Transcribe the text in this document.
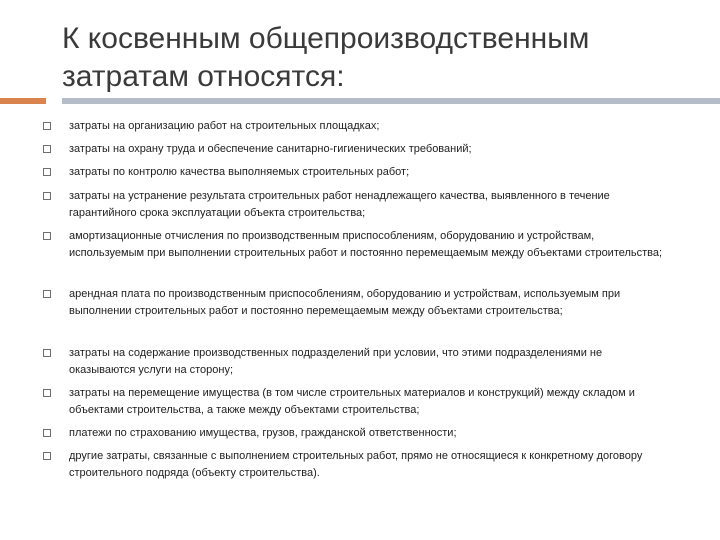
К косвенным общепроизводственным затратам относятся:
затраты на организацию работ на строительных площадках;
затраты на охрану труда и обеспечение санитарно-гигиенических требований;
затраты по контролю качества выполняемых строительных работ;
затраты на устранение результата строительных работ ненадлежащего качества, выявленного в течение гарантийного срока эксплуатации объекта строительства;
амортизационные отчисления по производственным приспособлениям, оборудованию и устройствам, используемым при выполнении строительных работ и постоянно перемещаемым между объектами строительства;
арендная плата по производственным приспособлениям, оборудованию и устройствам, используемым при выполнении строительных работ и постоянно перемещаемым между объектами строительства;
затраты на содержание производственных подразделений при условии, что этими подразделениями не оказываются услуги на сторону;
затраты на перемещение имущества (в том числе строительных материалов и конструкций) между складом и объектами строительства, а также между объектами строительства;
платежи по страхованию имущества, грузов, гражданской ответственности;
другие затраты, связанные с выполнением строительных работ, прямо не относящиеся к конкретному договору строительного подряда (объекту строительства).
